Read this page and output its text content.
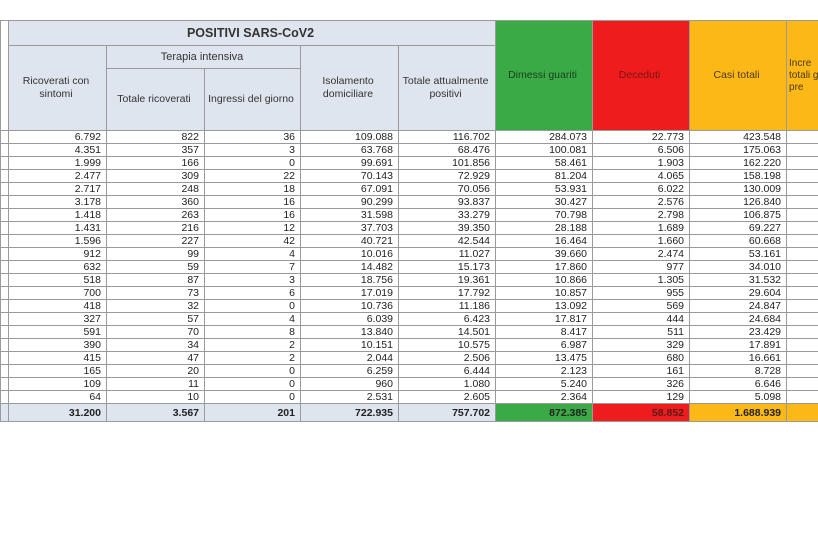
	POSITIVI SARS-CoV2					Dimessi guariti	Deceduti	Casi totali	Incre totali g pre
	Ricoverati con sintomi	Terapia intensiva		Isolamento domiciliare	Totale attualmente positivi				
		Totale ricoverati	Ingressi del giorno						
	6.792	822	36	109.088	116.702	284.073	22.773	423.548	
	4.351	357	3	63.768	68.476	100.081	6.506	175.063	
	1.999	166	0	99.691	101.856	58.461	1.903	162.220	
	2.477	309	22	70.143	72.929	81.204	4.065	158.198	
	2.717	248	18	67.091	70.056	53.931	6.022	130.009	
	3.178	360	16	90.299	93.837	30.427	2.576	126.840	
	1.418	263	16	31.598	33.279	70.798	2.798	106.875	
	1.431	216	12	37.703	39.350	28.188	1.689	69.227	
	1.596	227	42	40.721	42.544	16.464	1.660	60.668	
	912	99	4	10.016	11.027	39.660	2.474	53.161	
	632	59	7	14.482	15.173	17.860	977	34.010	
	518	87	3	18.756	19.361	10.866	1.305	31.532	
	700	73	6	17.019	17.792	10.857	955	29.604	
	418	32	0	10.736	11.186	13.092	569	24.847	
	327	57	4	6.039	6.423	17.817	444	24.684	
	591	70	8	13.840	14.501	8.417	511	23.429	
	390	34	2	10.151	10.575	6.987	329	17.891	
	415	47	2	2.044	2.506	13.475	680	16.661	
	165	20	0	6.259	6.444	2.123	161	8.728	
	109	11	0	960	1.080	5.240	326	6.646	
	64	10	0	2.531	2.605	2.364	129	5.098	
	31.200	3.567	201	722.935	757.702	872.385	58.852	1.688.939	
